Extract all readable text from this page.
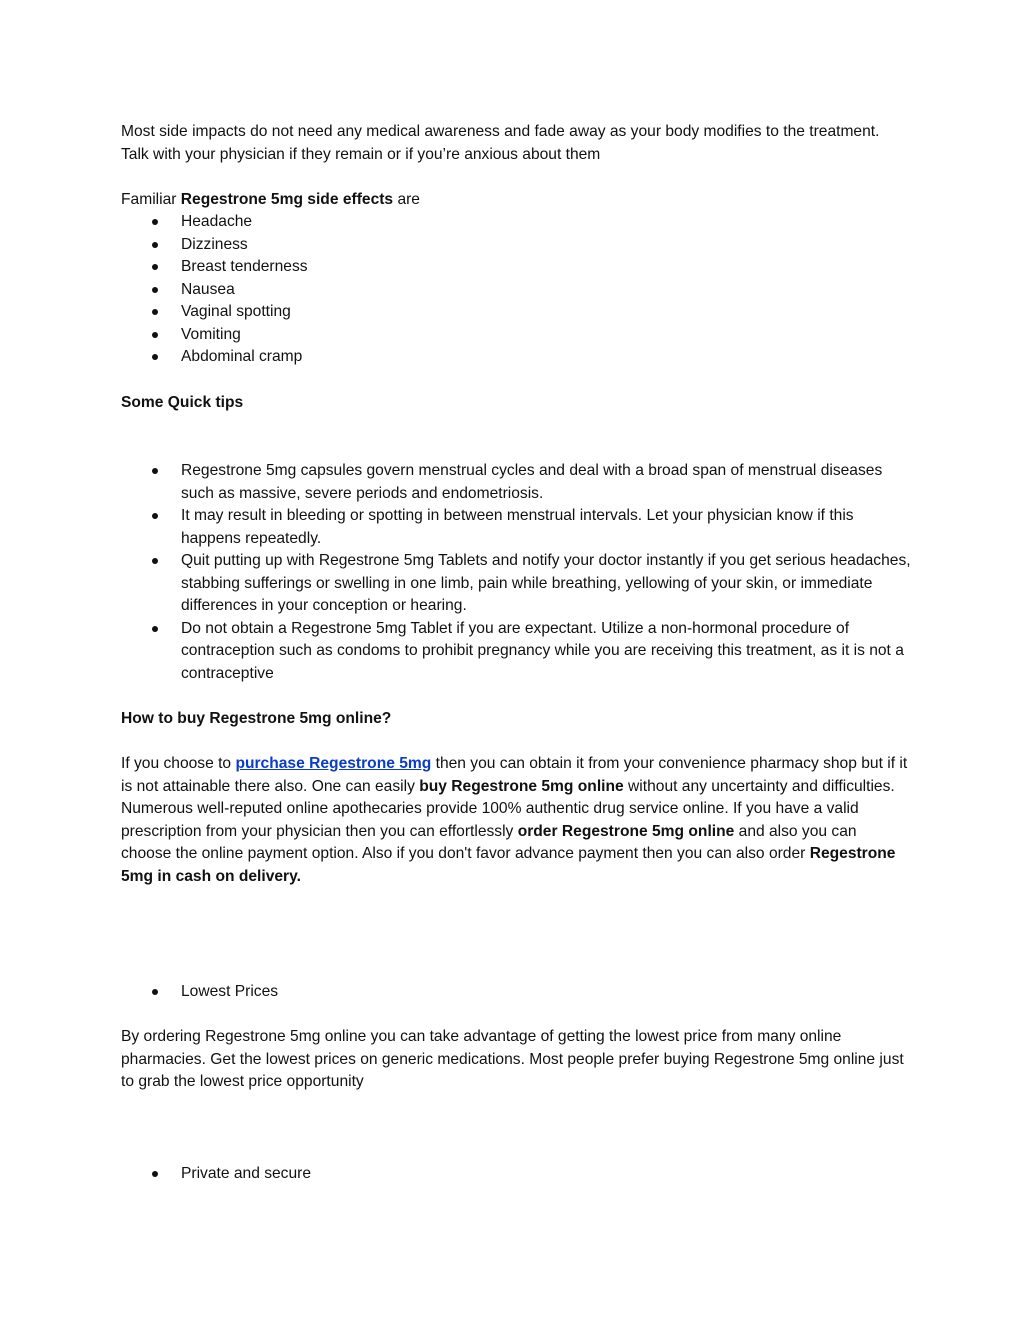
Most side impacts do not need any medical awareness and fade away as your body modifies to the treatment. Talk with your physician if they remain or if you’re anxious about them

Familiar Regestrone 5mg side effects are

Headache
Dizziness
Breast tenderness
Nausea
Vaginal spotting
Vomiting
Abdominal cramp

Some Quick tips

Regestrone 5mg capsules govern menstrual cycles and deal with a broad span of menstrual diseases such as massive, severe periods and endometriosis.
It may result in bleeding or spotting in between menstrual intervals. Let your physician know if this happens repeatedly.
Quit putting up with Regestrone 5mg Tablets and notify your doctor instantly if you get serious headaches, stabbing sufferings or swelling in one limb, pain while breathing, yellowing of your skin, or immediate differences in your conception or hearing.
Do not obtain a Regestrone 5mg Tablet if you are expectant. Utilize a non-hormonal procedure of contraception such as condoms to prohibit pregnancy while you are receiving this treatment, as it is not a contraceptive

How to buy Regestrone 5mg online?

If you choose to purchase Regestrone 5mg then you can obtain it from your convenience pharmacy shop but if it is not attainable there also. One can easily buy Regestrone 5mg online without any uncertainty and difficulties. Numerous well-reputed online apothecaries provide 100% authentic drug service online. If you have a valid prescription from your physician then you can effortlessly order Regestrone 5mg online and also you can choose the online payment option. Also if you don't favor advance payment then you can also order Regestrone 5mg in cash on delivery.

Lowest Prices

By ordering Regestrone 5mg online you can take advantage of getting the lowest price from many online pharmacies. Get the lowest prices on generic medications. Most people prefer buying Regestrone 5mg online just to grab the lowest price opportunity

Private and secure
